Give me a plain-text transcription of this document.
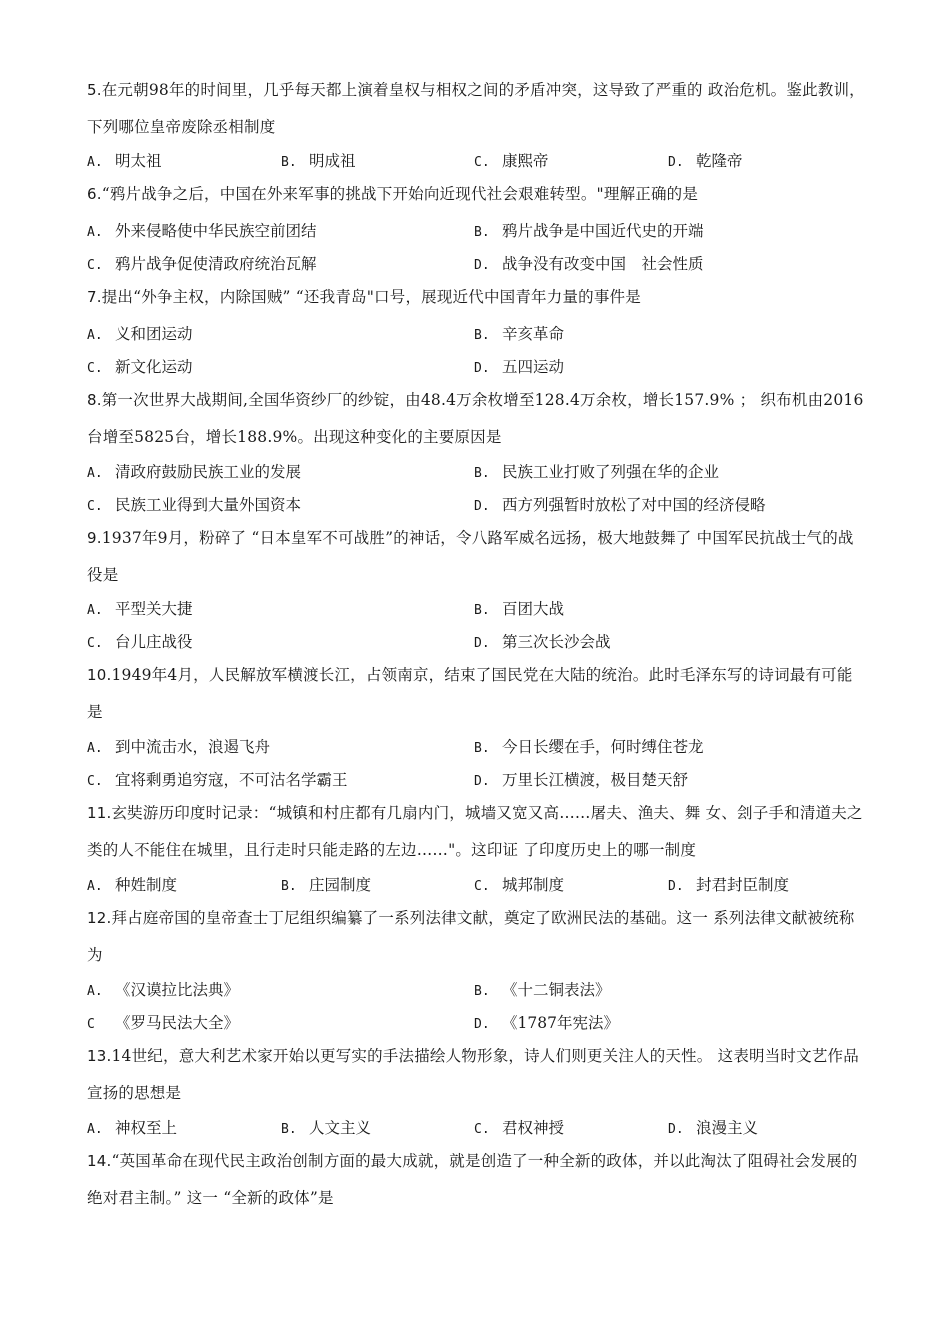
5.在元朝98年的时间里，几乎每天都上演着皇权与相权之间的矛盾冲突，这导致了严重的 政治危机。鉴此教训，下列哪位皇帝废除丞相制度
A. 明太祖	B. 明成祖	C. 康熙帝	D. 乾隆帝
6.“鸦片战争之后，中国在外来军事的挑战下开始向近现代社会艰难转型。"理解正确的是
A. 外来侵略使中华民族空前团结	B. 鸦片战争是中国近代史的开端
C. 鸦片战争促使清政府统治瓦解	D. 战争没有改变中国　社会性质
7.提出“外争主权，内除国贼” “还我青岛"口号，展现近代中国青年力量的事件是
A. 义和团运动	B. 辛亥革命
C. 新文化运动	D. 五四运动
8.第一次世界大战期间,全国华资纱厂的纱锭，由48.4万余枚增至128.4万余枚，增长157.9% ； 织布机由2016台增至5825台，增长188.9%。出现这种变化的主要原因是
A. 清政府鼓励民族工业的发展	B. 民族工业打败了列强在华的企业
C. 民族工业得到大量外国资本	D. 西方列强暂时放松了对中国的经济侵略
9.1937年9月，粉碎了 “日本皇军不可战胜”的神话，令八路军威名远扬，极大地鼓舞了 中国军民抗战士气的战役是
A. 平型关大捷	B. 百团大战
C. 台儿庄战役	D. 第三次长沙会战
10.1949年4月，人民解放军横渡长江，占领南京，结束了国民党在大陆的统治。此时毛泽东写的诗词最有可能是
A. 到中流击水，浪遏飞舟	B. 今日长缨在手，何时缚住苍龙
C. 宜将剩勇追穷寇，不可沽名学霸王	D. 万里长江横渡，极目楚天舒
11.玄奘游历印度时记录：“城镇和村庄都有几扇内门，城墙又宽又高……屠夫、渔夫、舞 女、刽子手和清道夫之类的人不能住在城里，且行走时只能走路的左边……"。这印证 了印度历史上的哪一制度
A. 种姓制度	B. 庄园制度	C. 城邦制度	D. 封君封臣制度
12.拜占庭帝国的皇帝查士丁尼组织编纂了一系列法律文献，奠定了欧洲民法的基础。这一 系列法律文献被统称为
A. 《汉谟拉比法典》	B. 《十二铜表法》
C 《罗马民法大全》	D. 《1787年宪法》
13.14世纪，意大利艺术家开始以更写实的手法描绘人物形象，诗人们则更关注人的天性。 这表明当时文艺作品宣扬的思想是
A. 神权至上	B. 人文主义	C. 君权神授	D. 浪漫主义
14.“英国革命在现代民主政治创制方面的最大成就，就是创造了一种全新的政体，并以此淘汰了阻碍社会发展的绝对君主制。” 这一 “全新的政体”是
